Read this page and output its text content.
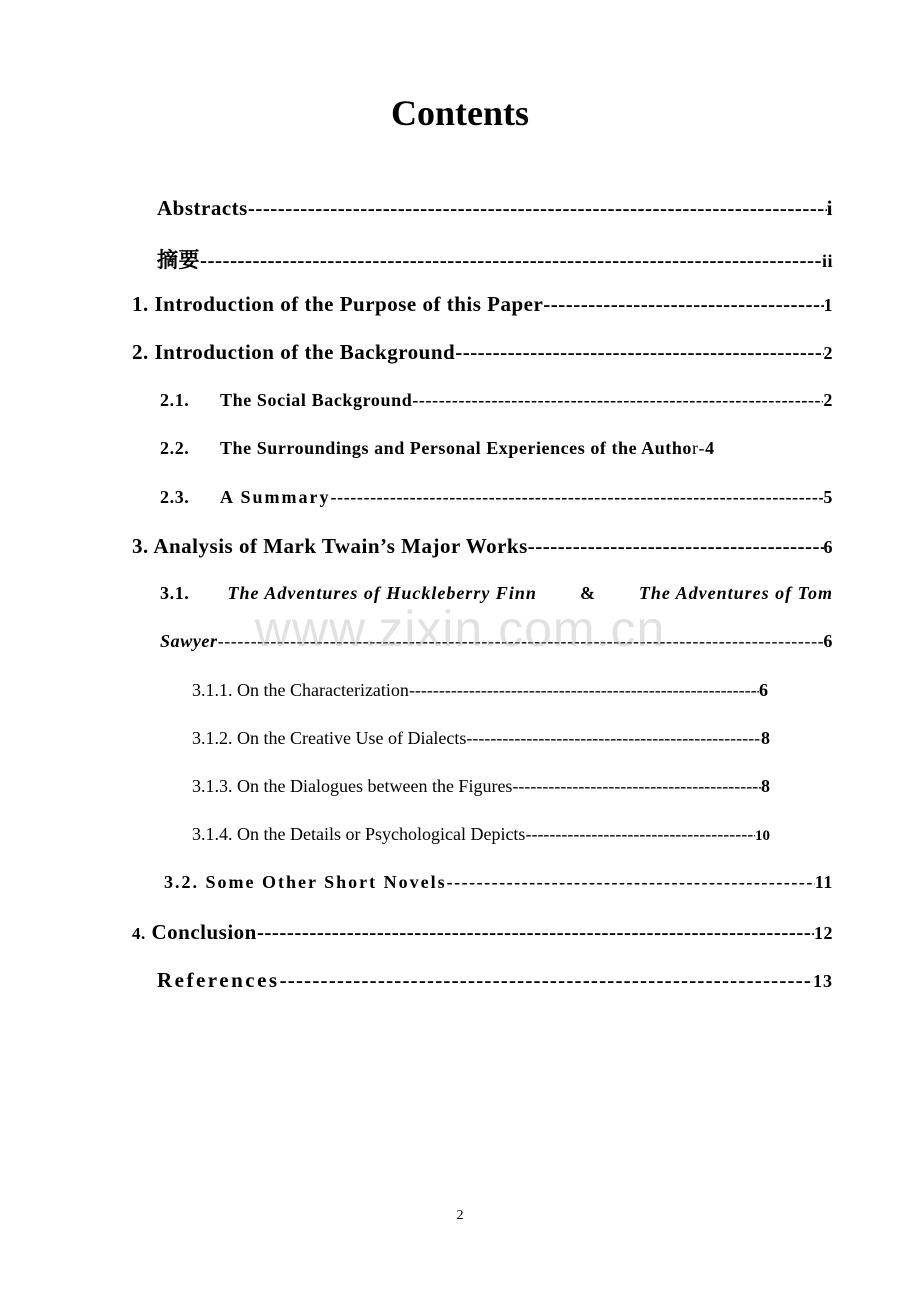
Contents
Abstracts -----	i
摘要 -----	ii
1. Introduction of the Purpose of this Paper -----	1
2. Introduction of the Background -----	2
2.1.	The Social Background -----	2
2.2.	The Surroundings and Personal Experiences of the Autho r - 4
2.3.	A Summary -----	5
3. Analysis of Mark Twain’s Major Works -----	6
3.1. The Adventures of Huckleberry Finn & The Adventures of Tom
Sawyer -----	6
3.1.1. On the Characterization -----	6
3.1.2. On the Creative Use of Dialects -----	8
3.1.3. On the Dialogues between the Figures -----	8
3.1.4. On the Details or Psychological Depicts -----	10
3.2. Some Other Short Novels -----	11
4. Conclusion -----	12
References -----	13
www.zixin.com.cn
2
